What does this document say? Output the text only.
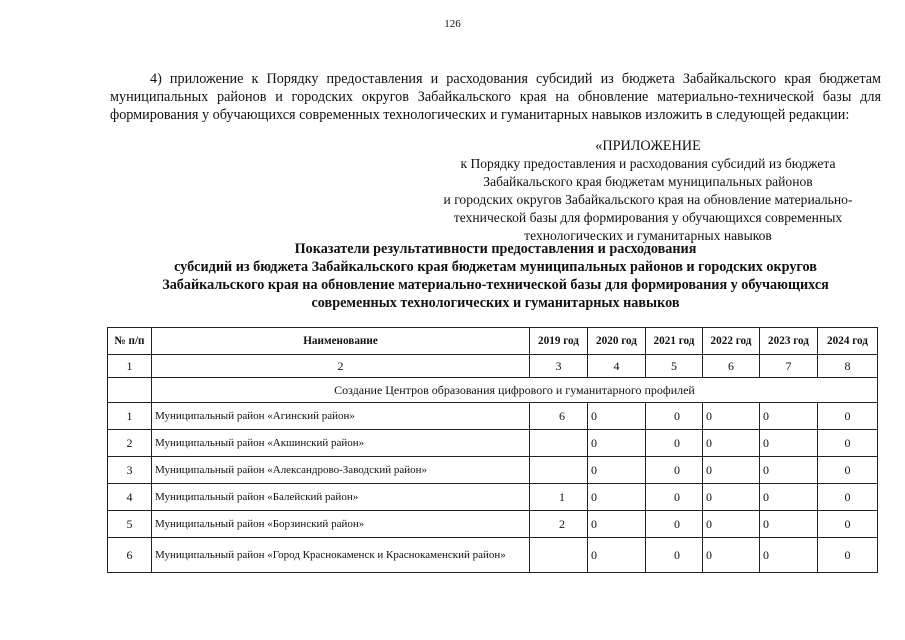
126

4) приложение к Порядку предоставления и расходования субсидий из бюджета Забайкальского края бюджетам муниципальных районов и городских округов Забайкальского края на обновление материально-технической базы для формирования у обучающихся современных технологических и гуманитарных навыков изложить в следующей редакции:

«ПРИЛОЖЕНИЕ
к Порядку предоставления и расходования субсидий из бюджета
Забайкальского края бюджетам муниципальных районов
и городских округов Забайкальского края на обновление материально-
технической базы для формирования у обучающихся современных
технологических и гуманитарных навыков
Показатели результативности предоставления и расходования
субсидий из бюджета Забайкальского края бюджетам муниципальных районов и городских округов
Забайкальского края на обновление материально-технической базы для формирования у обучающихся
современных технологических и гуманитарных навыков
№ п/п	Наименование	2019 год	2020 год	2021 год	2022 год	2023 год	2024 год
1	2	3	4	5	6	7	8
	Создание Центров образования цифрового и гуманитарного профилей						
1	Муниципальный район «Агинский район»	6	0	0	0	0	0
2	Муниципальный район «Акшинский район»		0	0	0	0	0
3	Муниципальный район «Александрово-Заводский район»		0	0	0	0	0
4	Муниципальный район «Балейский район»	1	0	0	0	0	0
5	Муниципальный район «Борзинский район»	2	0	0	0	0	0
6	Муниципальный район «Город Краснокаменск и Краснокаменский район»		0	0	0	0	0
